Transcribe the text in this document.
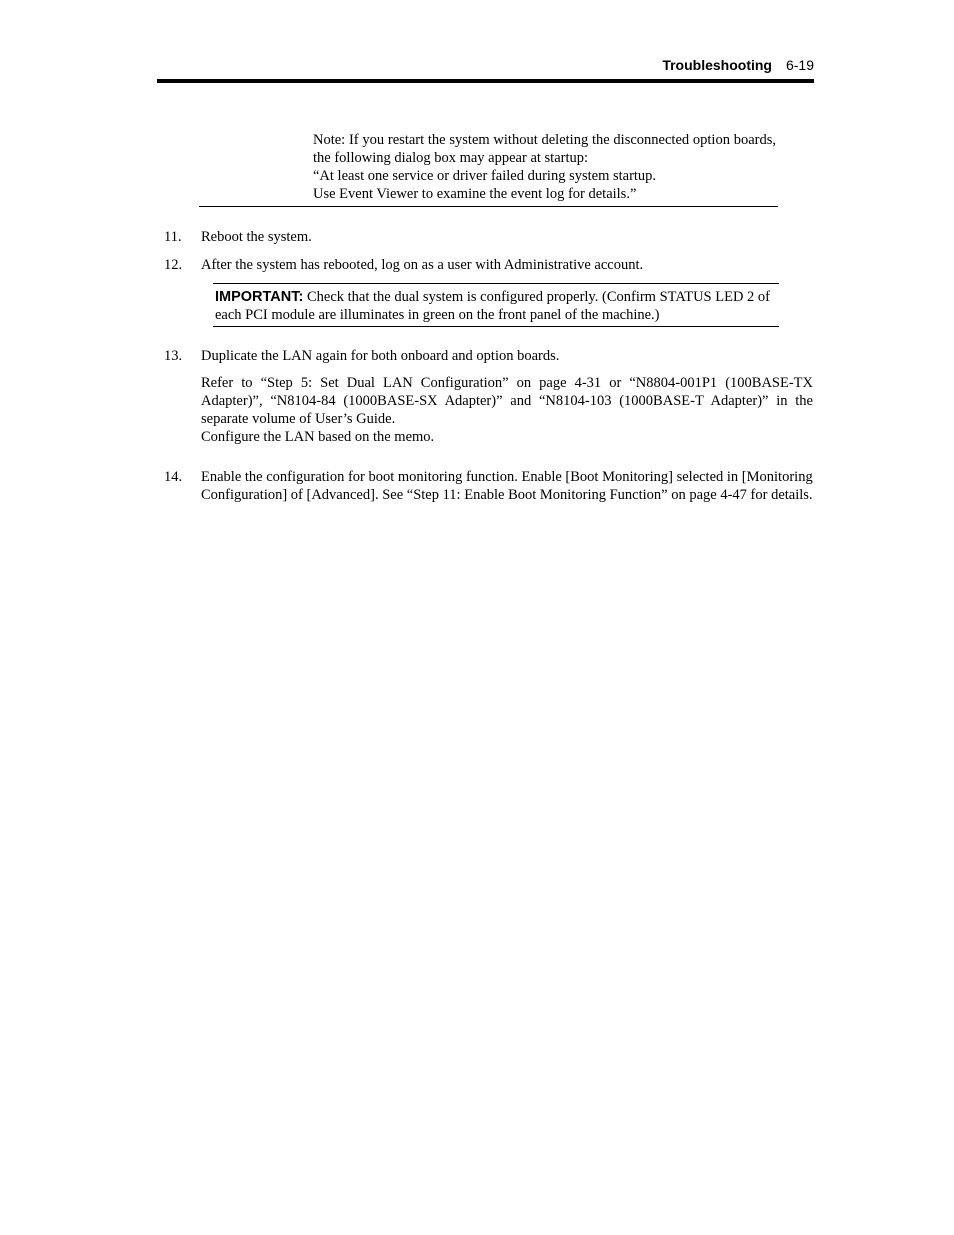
Troubleshooting 6-19
Note: If you restart the system without deleting the disconnected option boards, the following dialog box may appear at startup:
“At least one service or driver failed during system startup.
Use Event Viewer to examine the event log for details.”
11. Reboot the system.
12. After the system has rebooted, log on as a user with Administrative account.
IMPORTANT: Check that the dual system is configured properly. (Confirm STATUS LED 2 of each PCI module are illuminates in green on the front panel of the machine.)
13. Duplicate the LAN again for both onboard and option boards.
Refer to “Step 5: Set Dual LAN Configuration” on page 4-31 or “N8804-001P1 (100BASE-TX Adapter)”, “N8104-84 (1000BASE-SX Adapter)” and “N8104-103 (1000BASE-T Adapter)” in the separate volume of User’s Guide.
Configure the LAN based on the memo.
14. Enable the configuration for boot monitoring function. Enable [Boot Monitoring] selected in [Monitoring Configuration] of [Advanced]. See “Step 11: Enable Boot Monitoring Function” on page 4-47 for details.
